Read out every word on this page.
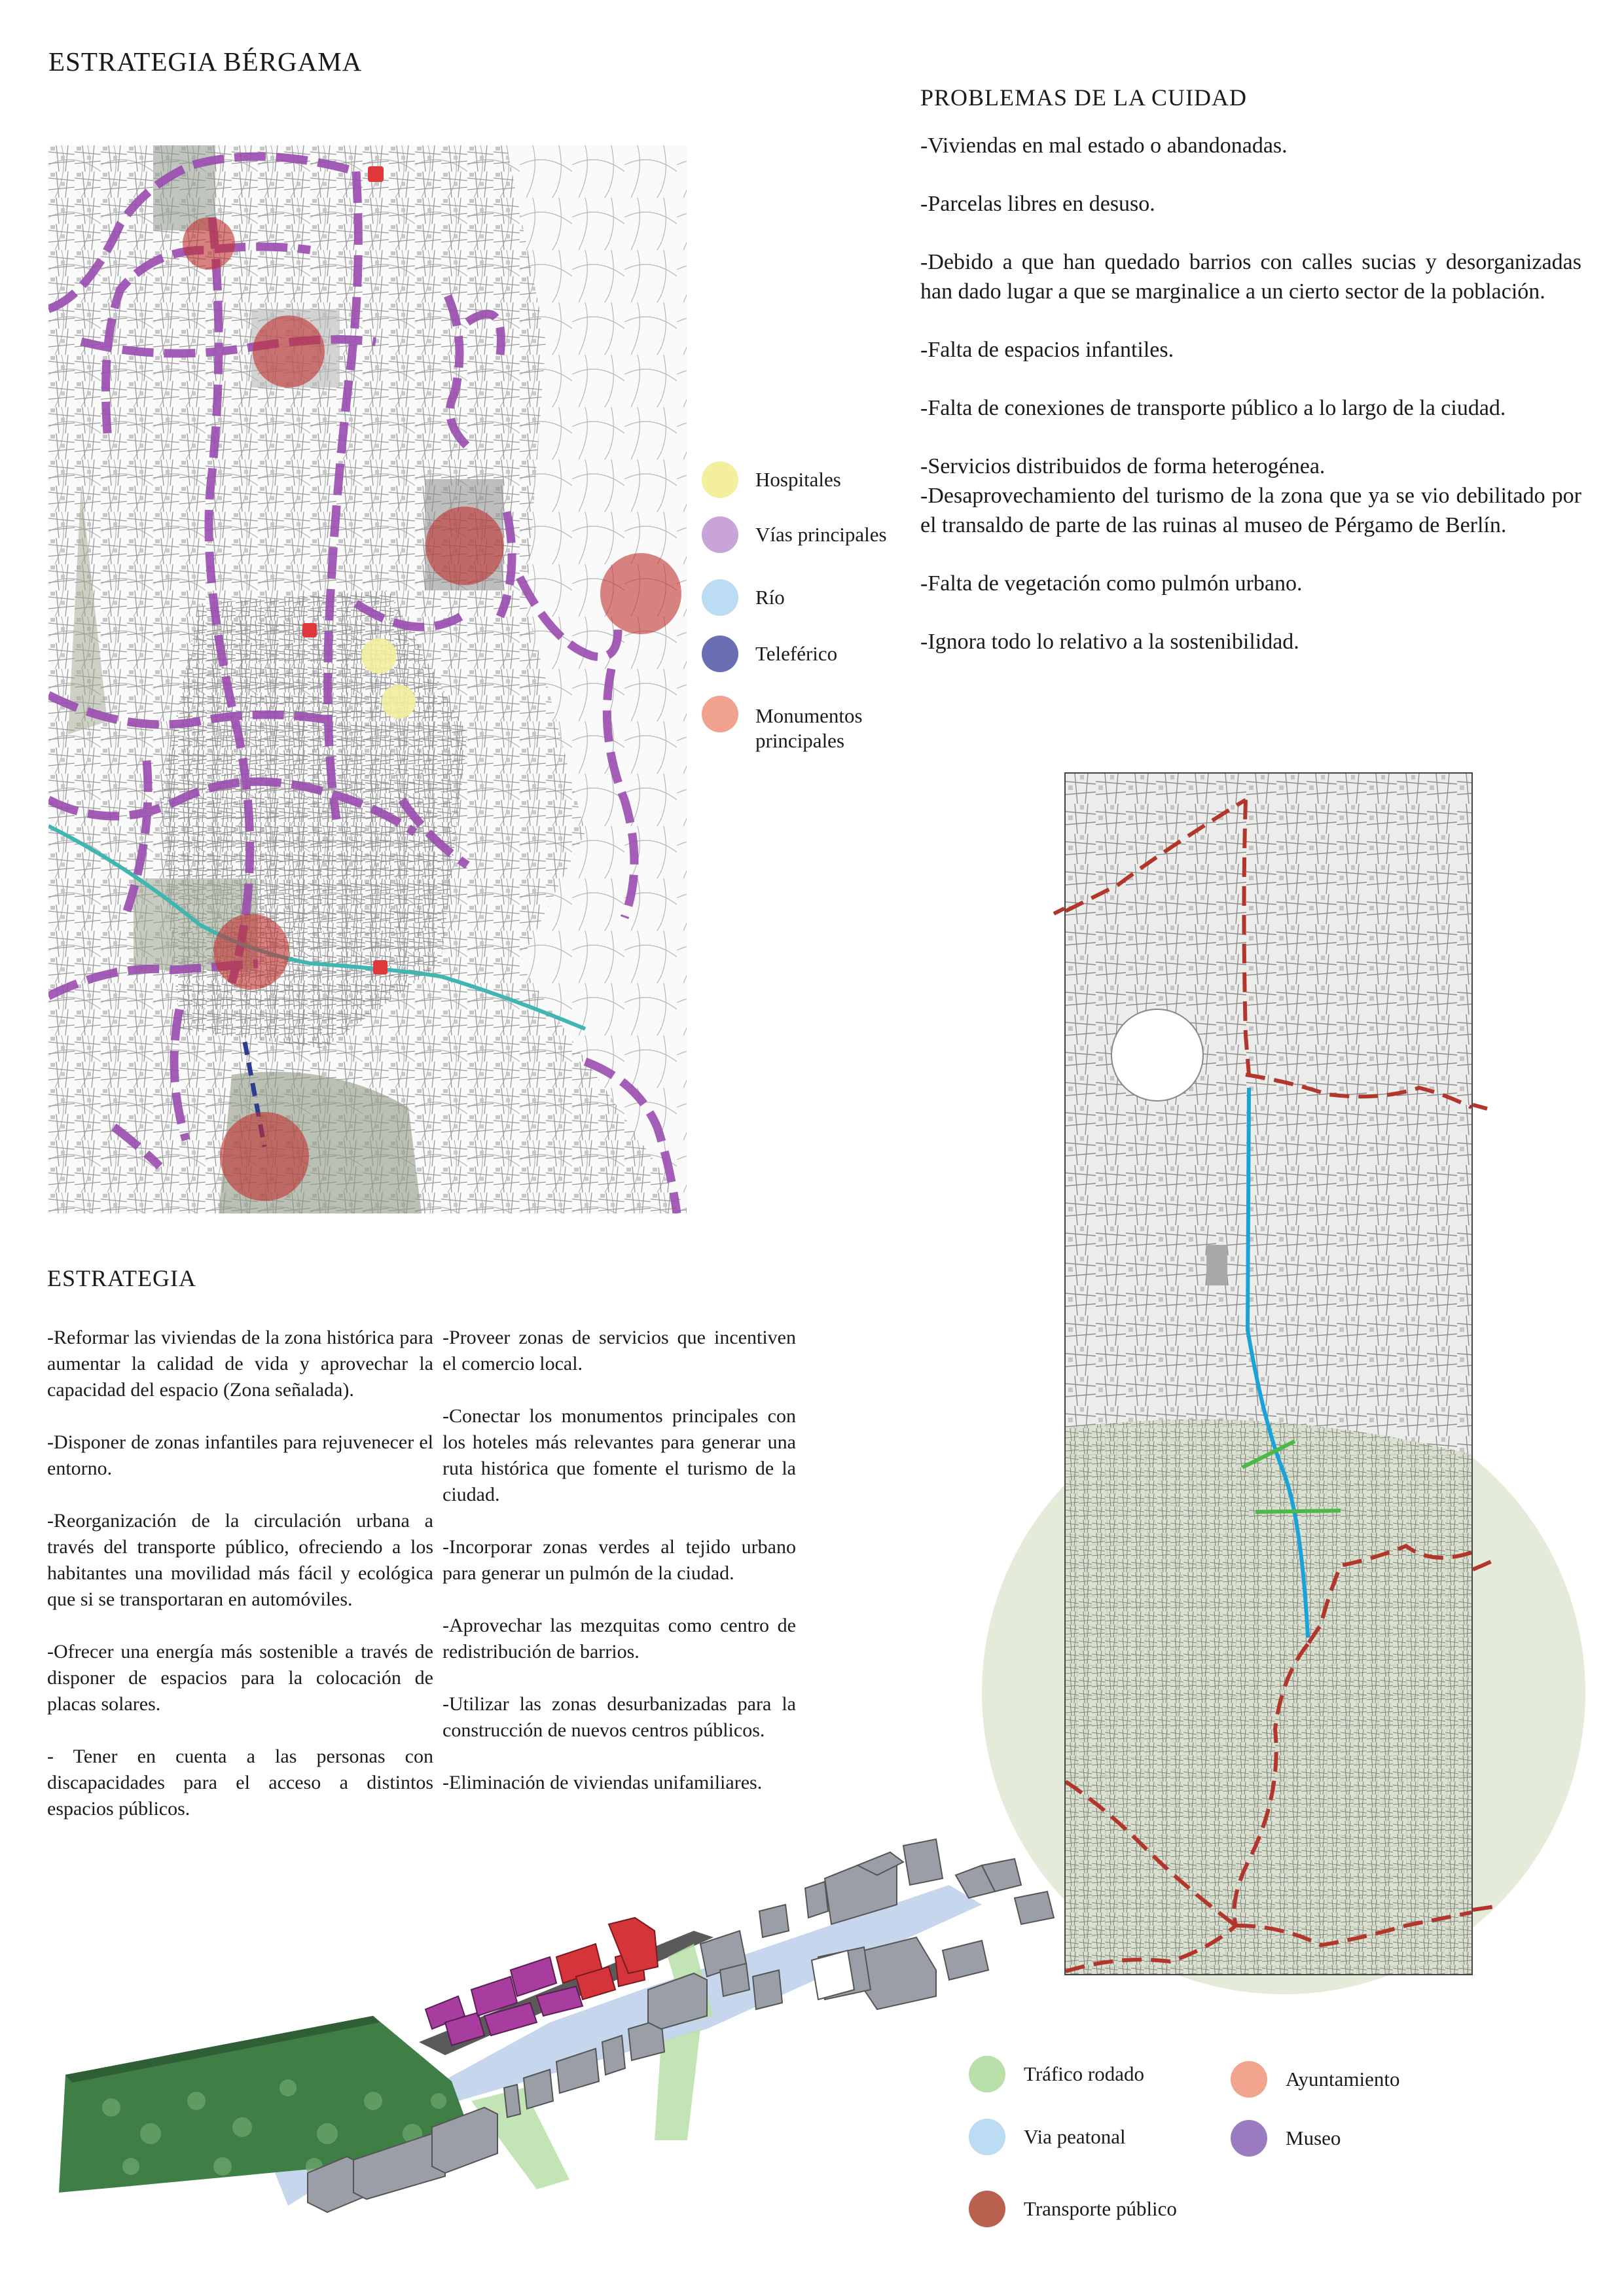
ESTRATEGIA BÉRGAMA
PROBLEMAS DE LA CUIDAD

-Viviendas en mal estado o abandonadas.

-Parcelas libres en desuso.

-Debido a que han quedado barrios con calles sucias y desorganizadas han dado lugar a que se marginalice a un cierto sector de la población.

-Falta de espacios infantiles.

-Falta de conexiones de transporte público a lo largo de la ciudad.

-Servicios distribuidos de forma heterogénea.

-Desaprovechamiento del turismo de la zona que ya se vio debilitado por el transaldo de parte de las ruinas al museo de Pérgamo de Berlín.

-Falta de vegetación como pulmón urbano.

-Ignora todo lo relativo a la sostenibilidad.

Hospitales
Vías principales
Río
Teleférico
Monumentos principales
ESTRATEGIA

-Reformar las viviendas de la zona histórica para aumentar la calidad de vida y aprovechar la capacidad del espacio (Zona señalada).

-Disponer de zonas infantiles para rejuvenecer el entorno.

-Reorganización de la circulación urbana a través del transporte público, ofreciendo a los habitantes una movilidad más fácil y ecológica que si se transportaran en automóviles.

-Ofrecer una energía más sostenible a través de disponer de espacios para la colocación de placas solares.

- Tener en cuenta a las personas con discapacidades para el acceso a distintos espacios públicos.

-Proveer zonas de servicios que incentiven el comercio local.

-Conectar los monumentos principales con los hoteles más relevantes para generar una ruta histórica que fomente el turismo de la ciudad.

-Incorporar zonas verdes al tejido urbano para generar un pulmón de la ciudad.

-Aprovechar las mezquitas como centro de redistribución de barrios.

-Utilizar las zonas desurbanizadas para la construcción de nuevos centros públicos.

-Eliminación de viviendas unifamiliares.

Tráfico rodado	Ayuntamiento
Via peatonal	Museo
Transporte público
